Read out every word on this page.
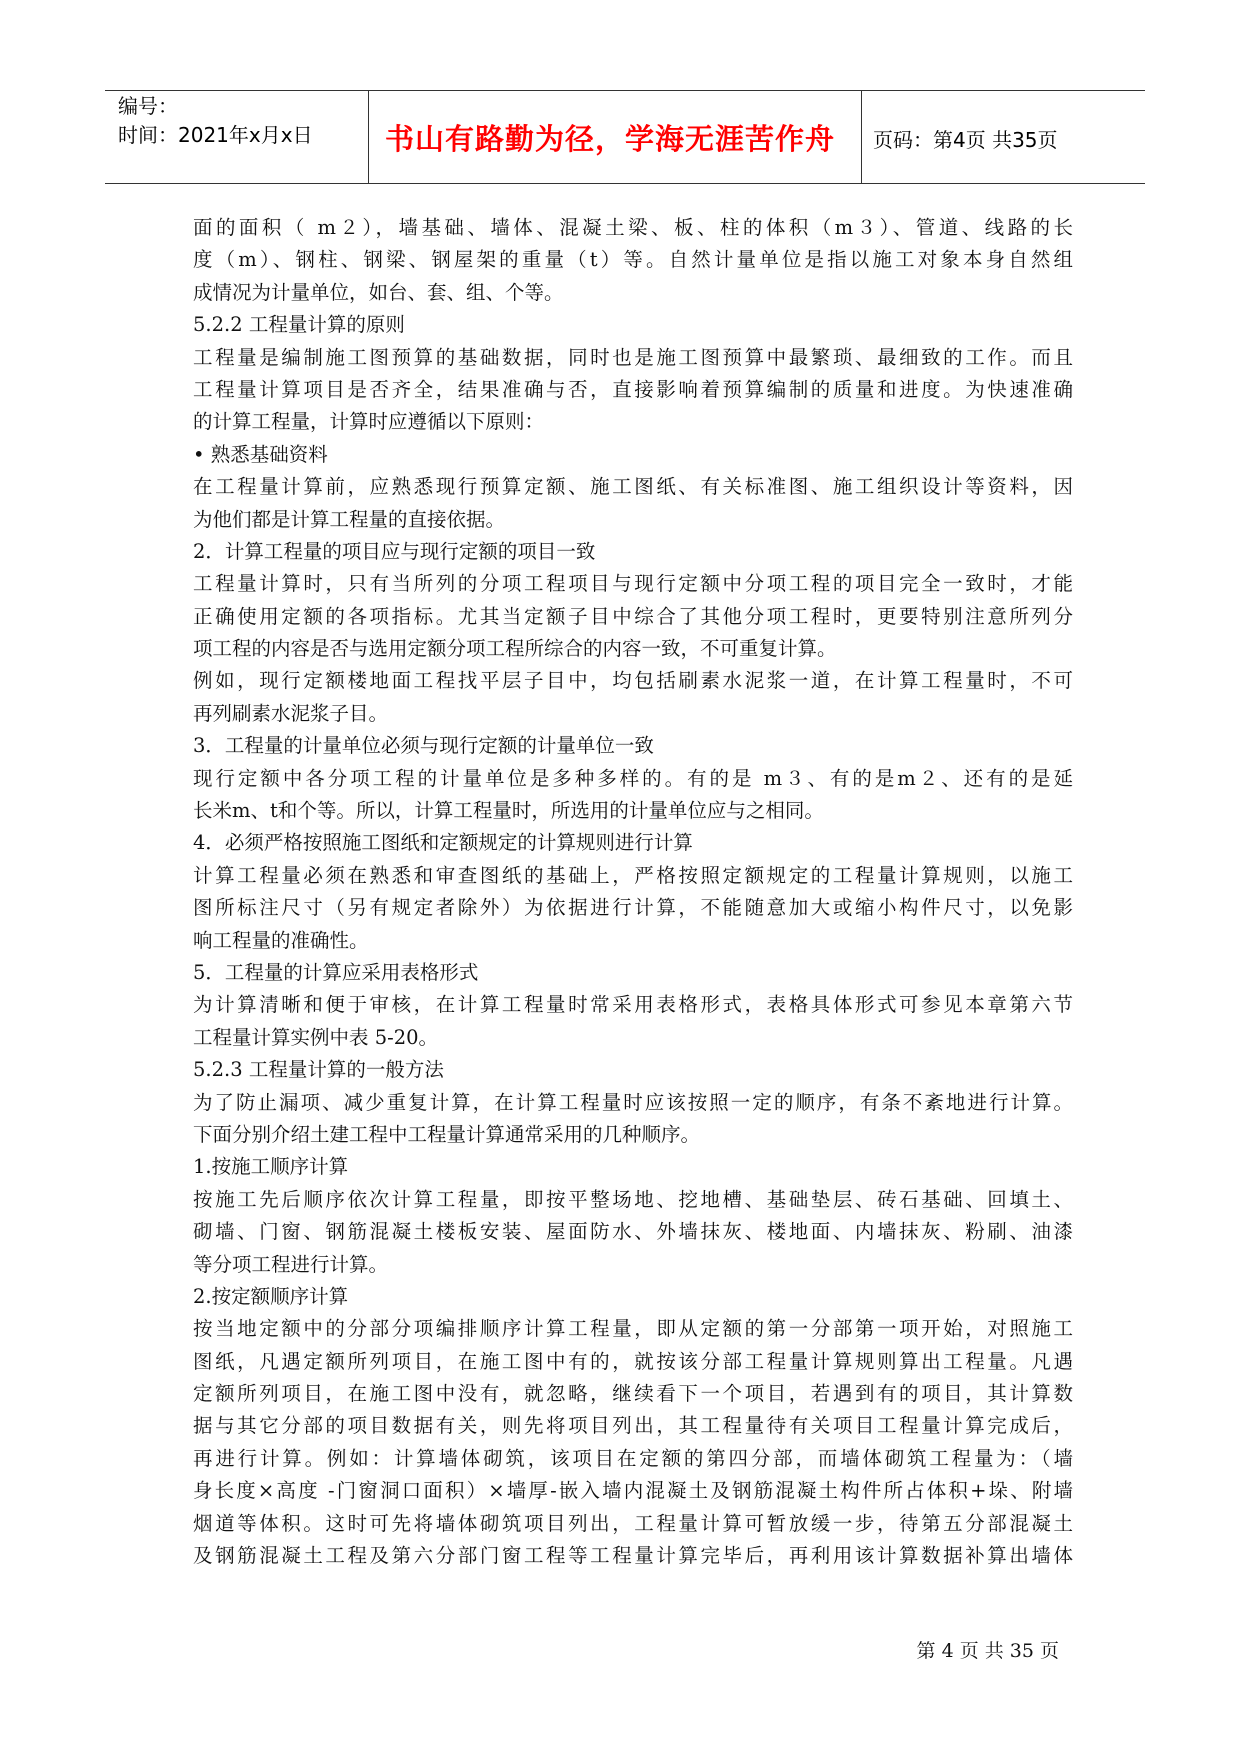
编号：
时间：2021年x月x日	书山有路勤为径，学海无涯苦作舟	页码：第4页 共35页
面的面积（ m２），墙基础、墙体、混凝土梁、板、柱的体积（m３）、管道、线路的长
度（m）、钢柱、钢梁、钢屋架的重量（t）等。自然计量单位是指以施工对象本身自然组
成情况为计量单位，如台、套、组、个等。
5.2.2 工程量计算的原则
工程量是编制施工图预算的基础数据，同时也是施工图预算中最繁琐、最细致的工作。而且
工程量计算项目是否齐全，结果准确与否，直接影响着预算编制的质量和进度。为快速准确
的计算工程量，计算时应遵循以下原则：
• 熟悉基础资料
在工程量计算前，应熟悉现行预算定额、施工图纸、有关标准图、施工组织设计等资料，因
为他们都是计算工程量的直接依据。
2．计算工程量的项目应与现行定额的项目一致
工程量计算时，只有当所列的分项工程项目与现行定额中分项工程的项目完全一致时，才能
正确使用定额的各项指标。尤其当定额子目中综合了其他分项工程时，更要特别注意所列分
项工程的内容是否与选用定额分项工程所综合的内容一致，不可重复计算。
例如，现行定额楼地面工程找平层子目中，均包括刷素水泥浆一道，在计算工程量时，不可
再列刷素水泥浆子目。
3．工程量的计量单位必须与现行定额的计量单位一致
现行定额中各分项工程的计量单位是多种多样的。有的是 m３、有的是m２、还有的是延
长米m、t和个等。所以，计算工程量时，所选用的计量单位应与之相同。
4．必须严格按照施工图纸和定额规定的计算规则进行计算
计算工程量必须在熟悉和审查图纸的基础上，严格按照定额规定的工程量计算规则，以施工
图所标注尺寸（另有规定者除外）为依据进行计算，不能随意加大或缩小构件尺寸，以免影
响工程量的准确性。
5．工程量的计算应采用表格形式
为计算清晰和便于审核，在计算工程量时常采用表格形式，表格具体形式可参见本章第六节
工程量计算实例中表 5-20。
5.2.3 工程量计算的一般方法
为了防止漏项、减少重复计算，在计算工程量时应该按照一定的顺序，有条不紊地进行计算。
下面分别介绍土建工程中工程量计算通常采用的几种顺序。
1.按施工顺序计算
按施工先后顺序依次计算工程量，即按平整场地、挖地槽、基础垫层、砖石基础、回填土、
砌墙、门窗、钢筋混凝土楼板安装、屋面防水、外墙抹灰、楼地面、内墙抹灰、粉刷、油漆
等分项工程进行计算。
2.按定额顺序计算
按当地定额中的分部分项编排顺序计算工程量，即从定额的第一分部第一项开始，对照施工
图纸，凡遇定额所列项目，在施工图中有的，就按该分部工程量计算规则算出工程量。凡遇
定额所列项目，在施工图中没有，就忽略，继续看下一个项目，若遇到有的项目，其计算数
据与其它分部的项目数据有关，则先将项目列出，其工程量待有关项目工程量计算完成后，
再进行计算。例如：计算墙体砌筑，该项目在定额的第四分部，而墙体砌筑工程量为：（墙
身长度×高度 -门窗洞口面积）×墙厚-嵌入墙内混凝土及钢筋混凝土构件所占体积+垛、附墙
烟道等体积。这时可先将墙体砌筑项目列出，工程量计算可暂放缓一步，待第五分部混凝土
及钢筋混凝土工程及第六分部门窗工程等工程量计算完毕后，再利用该计算数据补算出墙体
第 4 页 共 35 页
